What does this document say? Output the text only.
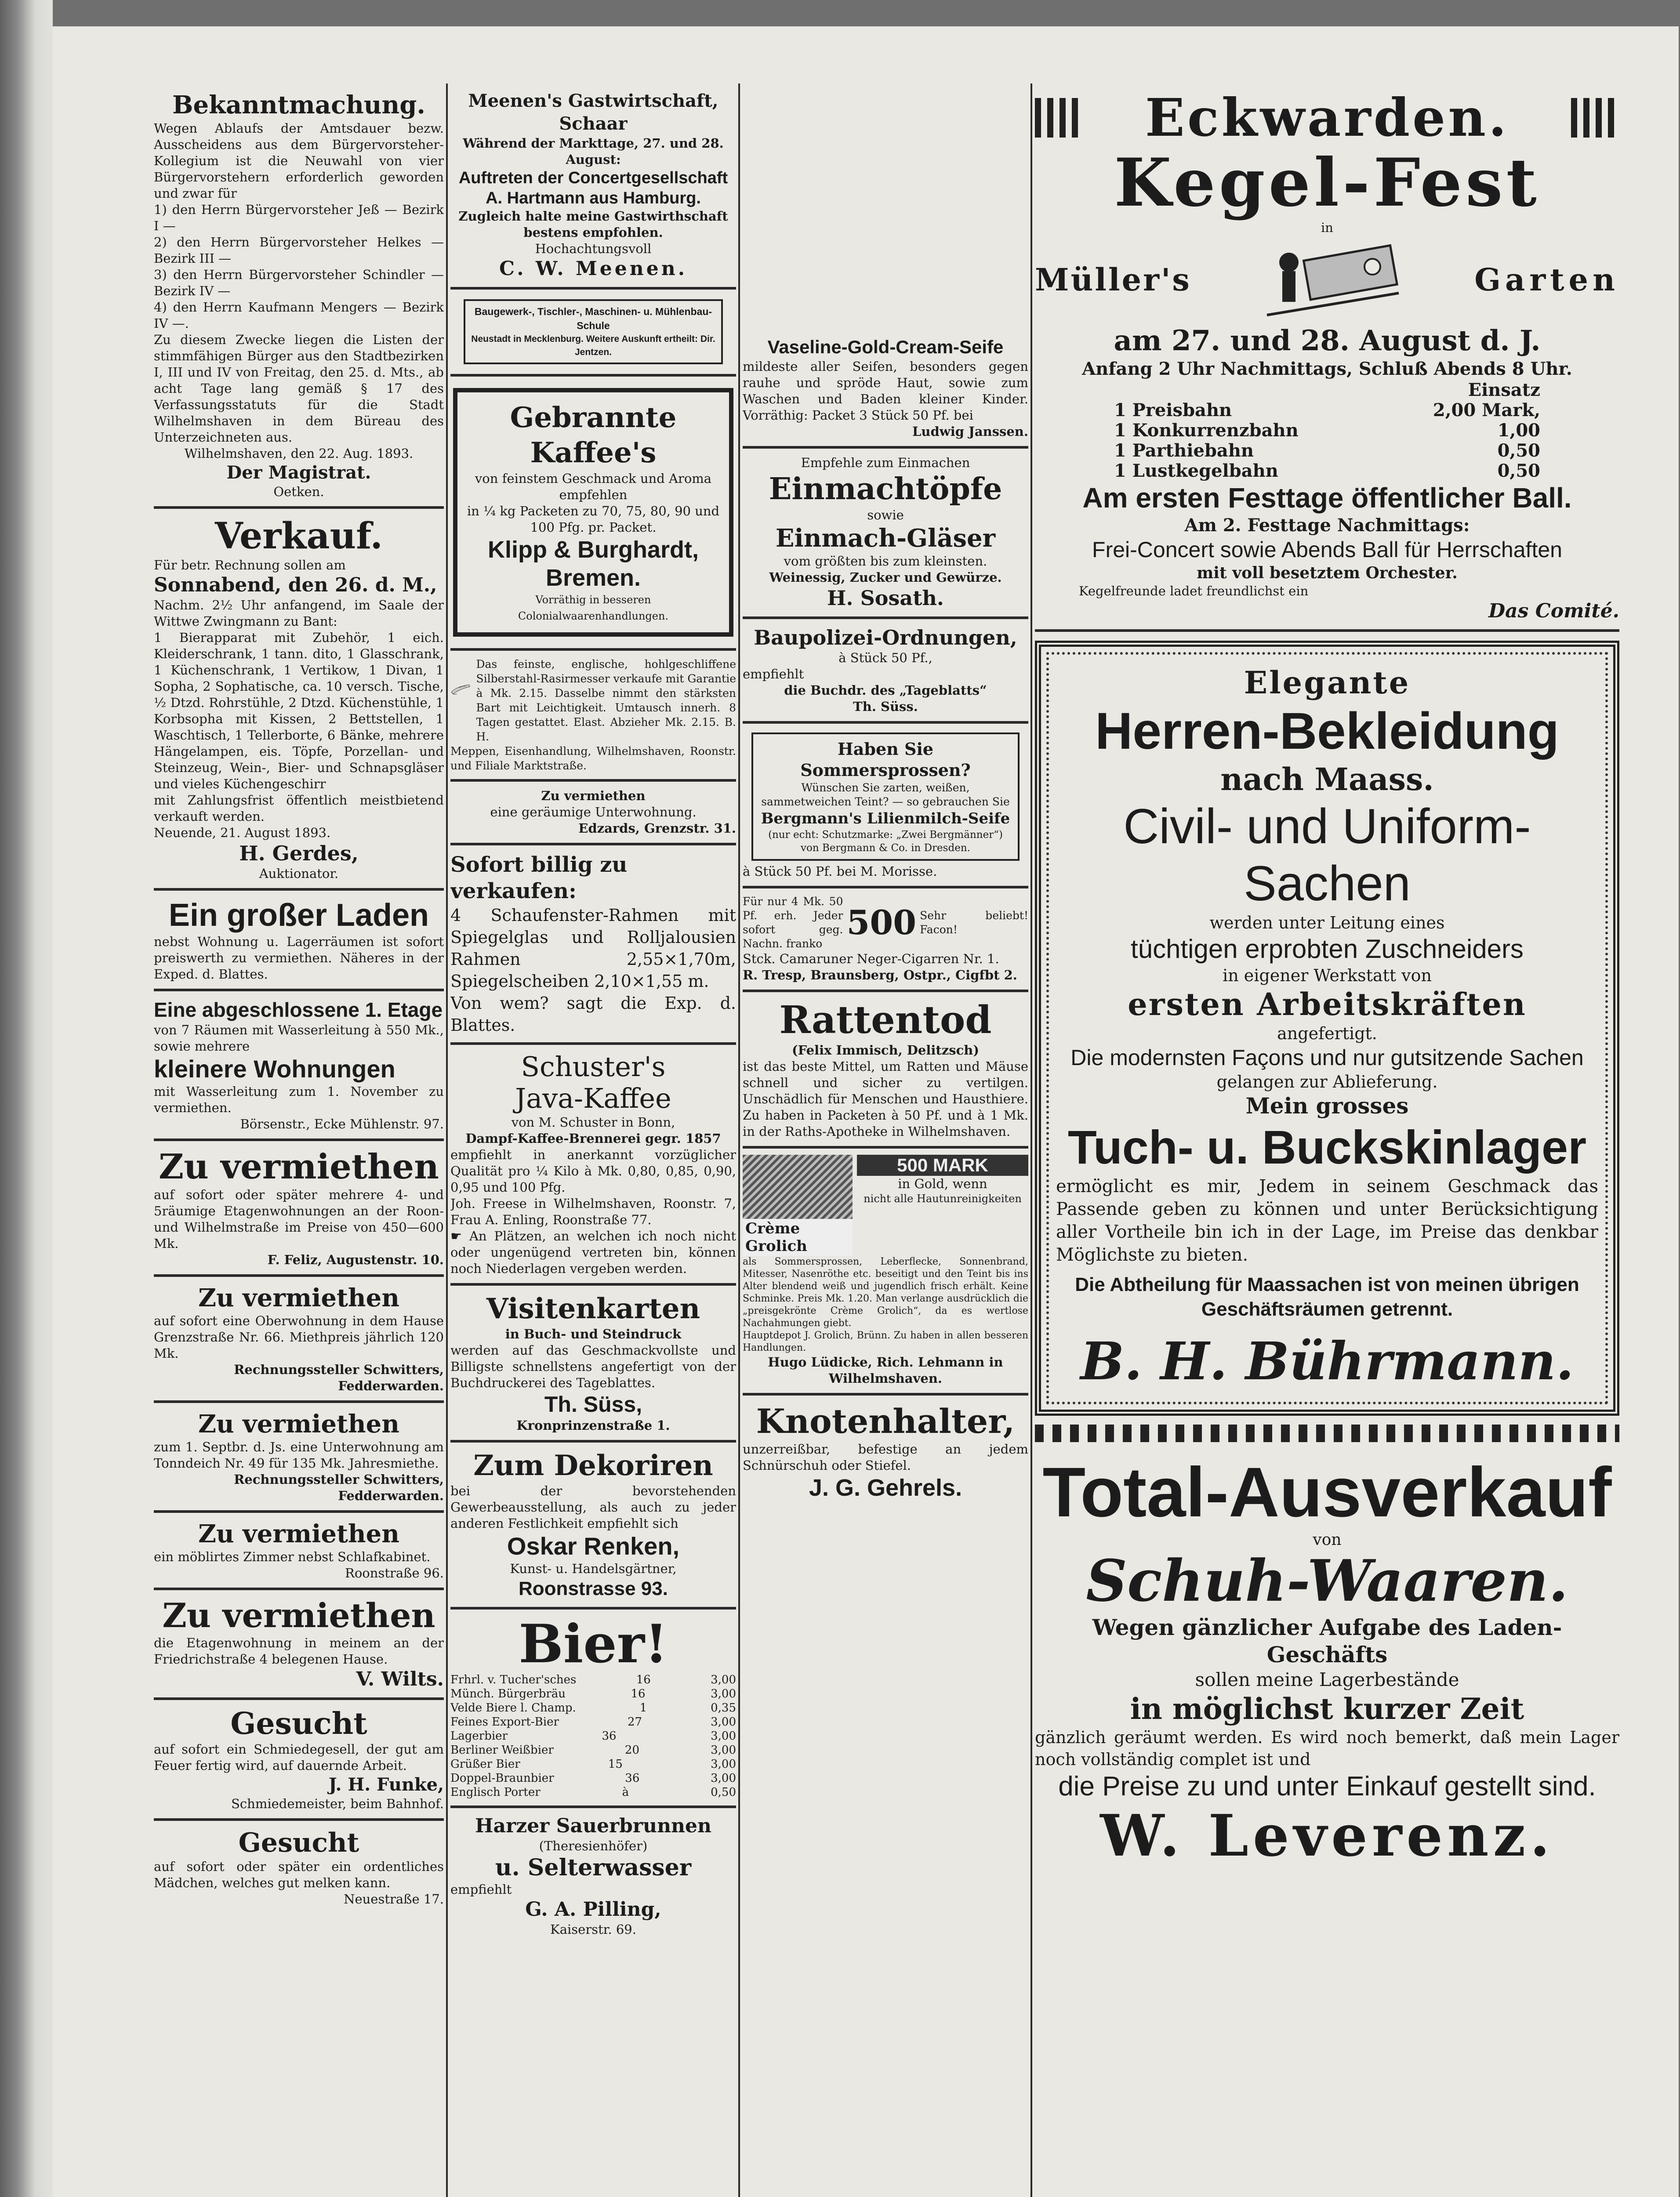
Bekanntmachung.

Wegen Ablaufs der Amtsdauer bezw. Ausscheidens aus dem Bürgervorsteher-Kollegium ist die Neuwahl von vier Bürgervorstehern erforderlich geworden und zwar für

1) den Herrn Bürgervorsteher Jeß — Bezirk I —
2) den Herrn Bürgervorsteher Helkes — Bezirk III —
3) den Herrn Bürgervorsteher Schindler — Bezirk IV —
4) den Herrn Kaufmann Mengers — Bezirk IV —.

Zu diesem Zwecke liegen die Listen der stimmfähigen Bürger aus den Stadtbezirken I, III und IV von Freitag, den 25. d. Mts., ab acht Tage lang gemäß § 17 des Verfassungsstatuts für die Stadt Wilhelmshaven in dem Büreau des Unterzeichneten aus.

Wilhelmshaven, den 22. Aug. 1893.

Der Magistrat.

Oetken.

Verkauf.

Für betr. Rechnung sollen am

Sonnabend, den 26. d. M.,

Nachm. 2½ Uhr anfangend, im Saale der Wittwe Zwingmann zu Bant:

1 Bierapparat mit Zubehör, 1 eich. Kleiderschrank, 1 tann. dito, 1 Glasschrank, 1 Küchenschrank, 1 Vertikow, 1 Divan, 1 Sopha, 2 Sophatische, ca. 10 versch. Tische, ½ Dtzd. Rohrstühle, 2 Dtzd. Küchenstühle, 1 Korbsopha mit Kissen, 2 Bettstellen, 1 Waschtisch, 1 Tellerborte, 6 Bänke, mehrere Hängelampen, eis. Töpfe, Porzellan- und Steinzeug, Wein-, Bier- und Schnapsgläser und vieles Küchengeschirr

mit Zahlungsfrist öffentlich meistbietend verkauft werden.

Neuende, 21. August 1893.

H. Gerdes,

Auktionator.

Ein großer Laden

nebst Wohnung u. Lagerräumen ist sofort preiswerth zu vermiethen. Näheres in der Exped. d. Blattes.

Eine abgeschlossene 1. Etage

von 7 Räumen mit Wasserleitung à 550 Mk., sowie mehrere

kleinere Wohnungen

mit Wasserleitung zum 1. November zu vermiethen.

Börsenstr., Ecke Mühlenstr. 97.

Zu vermiethen

auf sofort oder später mehrere 4- und 5räumige Etagenwohnungen an der Roon- und Wilhelmstraße im Preise von 450—600 Mk.

F. Feliz, Augustenstr. 10.

Zu vermiethen

auf sofort eine Oberwohnung in dem Hause Grenzstraße Nr. 66. Miethpreis jährlich 120 Mk.

Rechnungssteller Schwitters, Fedderwarden.

Zu vermiethen

zum 1. Septbr. d. Js. eine Unterwohnung am Tonndeich Nr. 49 für 135 Mk. Jahresmiethe.

Rechnungssteller Schwitters, Fedderwarden.

Zu vermiethen

ein möblirtes Zimmer nebst Schlafkabinet.

Roonstraße 96.

Zu vermiethen

die Etagenwohnung in meinem an der Friedrichstraße 4 belegenen Hause.

V. Wilts.
Gesucht

auf sofort ein Schmiedegesell, der gut am Feuer fertig wird, auf dauernde Arbeit.

J. H. Funke,

Schmiedemeister, beim Bahnhof.

Gesucht

auf sofort oder später ein ordentliches Mädchen, welches gut melken kann.

Neuestraße 17.

Meenen's Gastwirtschaft, Schaar

Während der Markttage, 27. und 28. August:

Auftreten der Concertgesellschaft A. Hartmann aus Hamburg.

Zugleich halte meine Gastwirthschaft bestens empfohlen.

Hochachtungsvoll

C. W. Meenen.
Baugewerk-, Tischler-, Maschinen- u. Mühlenbau-Schule
Neustadt in Mecklenburg. Weitere Auskunft ertheilt: Dir. Jentzen.
Gebrannte Kaffee's

von feinstem Geschmack und Aroma

empfehlen

in ¼ kg Packeten zu 70, 75, 80, 90 und 100 Pfg. pr. Packet.

Klipp & Burghardt, Bremen.

Vorräthig in besseren Colonialwaarenhandlungen.

Silber-Stahl

Das feinste, englische, hohlgeschliffene Silberstahl-Rasirmesser verkaufe mit Garantie à Mk. 2.15. Dasselbe nimmt den stärksten Bart mit Leichtigkeit. Umtausch innerh. 8 Tagen gestattet. Elast. Abzieher Mk. 2.15. B. H.

Meppen, Eisenhandlung, Wilhelmshaven, Roonstr. und Filiale Marktstraße.

Zu vermiethen

eine geräumige Unterwohnung.

Edzards, Grenzstr. 31.

Sofort billig zu verkaufen:

4 Schaufenster-Rahmen mit Spiegelglas und Rolljalousien Rahmen 2,55×1,70m, Spiegelscheiben 2,10×1,55 m.

Von wem? sagt die Exp. d. Blattes.

Schuster's
Java-Kaffee

von M. Schuster in Bonn,

Dampf-Kaffee-Brennerei gegr. 1857

empfiehlt in anerkannt vorzüglicher Qualität pro ¼ Kilo à Mk. 0,80, 0,85, 0,90, 0,95 und 100 Pfg.

Joh. Freese in Wilhelmshaven, Roonstr. 7, Frau A. Enling, Roonstraße 77.

☛ An Plätzen, an welchen ich noch nicht oder ungenügend vertreten bin, können noch Niederlagen vergeben werden.

Visitenkarten

in Buch- und Steindruck

werden auf das Geschmackvollste und Billigste schnellstens angefertigt von der Buchdruckerei des Tageblattes.

Th. Süss,

Kronprinzenstraße 1.

Zum Dekoriren

bei der bevorstehenden Gewerbeausstellung, als auch zu jeder anderen Festlichkeit empfiehlt sich

Oskar Renken,

Kunst- u. Handelsgärtner,

Roonstrasse 93.
Bier!
Frhrl. v. Tucher'sches	16	3,00
Münch. Bürgerbräu	16	3,00
Velde Biere l. Champ.	1	0,35
Feines Export-Bier	27	3,00
Lagerbier	36	3,00
Berliner Weißbier	20	3,00
Grüßer Bier	15	3,00
Doppel-Braunbier	36	3,00
Englisch Porter	à	0,50
Harzer Sauerbrunnen

(Theresienhöfer)

u. Selterwasser

empfiehlt

G. A. Pilling,

Kaiserstr. 69.

Vaseline-Gold-Cream-Seife

mildeste aller Seifen, besonders gegen rauhe und spröde Haut, sowie zum Waschen und Baden kleiner Kinder. Vorräthig: Packet 3 Stück 50 Pf. bei

Ludwig Janssen.

Empfehle zum Einmachen

Einmachtöpfe

sowie

Einmach-Gläser

vom größten bis zum kleinsten.

Weinessig, Zucker und Gewürze.

H. Sosath.
Baupolizei-Ordnungen,

à Stück 50 Pf.,

empfiehlt

die Buchdr. des „Tageblatts“

Th. Süss.

Haben Sie Sommersprossen?

Wünschen Sie zarten, weißen, sammetweichen Teint? — so gebrauchen Sie

Bergmann's Lilienmilch-Seife

(nur echt: Schutzmarke: „Zwei Bergmänner“) von Bergmann & Co. in Dresden.

à Stück 50 Pf. bei M. Morisse.

Für nur 4 Mk. 50 Pf. erh. Jeder sofort geg. Nachn. franko

500 Sehr beliebt! Facon!

Stck. Camaruner Neger-Cigarren Nr. 1.

R. Tresp, Braunsberg, Ostpr., Cigfbt 2.

Rattentod

(Felix Immisch, Delitzsch)

ist das beste Mittel, um Ratten und Mäuse schnell und sicher zu vertilgen. Unschädlich für Menschen und Hausthiere. Zu haben in Packeten à 50 Pf. und à 1 Mk. in der Raths-Apotheke in Wilhelmshaven.

Crème Grolich
500 MARK

in Gold, wenn

nicht alle Hautunreinigkeiten

als Sommersprossen, Leberflecke, Sonnenbrand, Mitesser, Nasenröthe etc. beseitigt und den Teint bis ins Alter blendend weiß und jugendlich frisch erhält. Keine Schminke. Preis Mk. 1.20. Man verlange ausdrücklich die „preisgekrönte Crème Grolich“, da es wertlose Nachahmungen giebt.

Hauptdepot J. Grolich, Brünn. Zu haben in allen besseren Handlungen.

Hugo Lüdicke, Rich. Lehmann in Wilhelmshaven.

Knotenhalter,

unzerreißbar, befestige an jedem Schnürschuh oder Stiefel.

J. G. Gehrels.
Eckwarden.
Kegel-Fest

in

Müller's	Garten
am 27. und 28. August d. J.
Anfang 2 Uhr Nachmittags, Schluß Abends 8 Uhr.
Einsatz
1 Preisbahn	2,00 Mark,
1 Konkurrenzbahn	1,00
1 Parthiebahn	0,50
1 Lustkegelbahn	0,50
Am ersten Festtage öffentlicher Ball.
Am 2. Festtage Nachmittags:
Frei-Concert sowie Abends Ball für Herrschaften
mit voll besetztem Orchester.

Kegelfreunde ladet freundlichst ein

Das Comité.
Elegante
Herren-Bekleidung
nach Maass.
Civil- und Uniform-Sachen

werden unter Leitung eines

tüchtigen erprobten Zuschneiders

in eigener Werkstatt von

ersten Arbeitskräften

angefertigt.

Die modernsten Façons und nur gutsitzende Sachen

gelangen zur Ablieferung.

Mein grosses
Tuch- u. Buckskinlager

ermöglicht es mir, Jedem in seinem Geschmack das Passende geben zu können und unter Berücksichtigung aller Vortheile bin ich in der Lage, im Preise das denkbar Möglichste zu bieten.

Die Abtheilung für Maassachen ist von meinen übrigen Geschäftsräumen getrennt.
B. H. Bührmann.
Total-Ausverkauf

von

Schuh-Waaren.
Wegen gänzlicher Aufgabe des Laden-Geschäfts
sollen meine Lagerbestände
in möglichst kurzer Zeit

gänzlich geräumt werden. Es wird noch bemerkt, daß mein Lager noch vollständig complet ist und

die Preise zu und unter Einkauf gestellt sind.
W. Leverenz.
